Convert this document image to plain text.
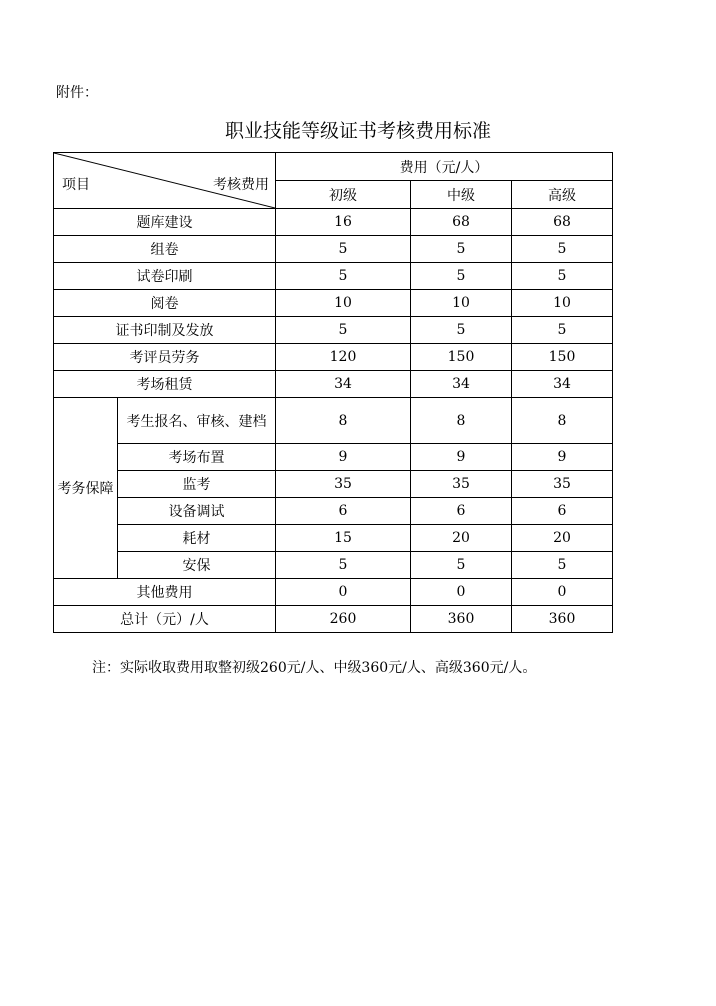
附件：
职业技能等级证书考核费用标准
项目 考核费用		费用（元/人）		
		初级	中级	高级
题库建设		16	68	68
组卷		5	5	5
试卷印刷		5	5	5
阅卷		10	10	10
证书印制及发放		5	5	5
考评员劳务		120	150	150
考场租赁		34	34	34
考务保障	考生报名、审核、建档	8	8	8
	考场布置	9	9	9
	监考	35	35	35
	设备调试	6	6	6
	耗材	15	20	20
	安保	5	5	5
其他费用		0	0	0
总计（元）/人		260	360	360
注：实际收取费用取整初级260元/人、中级360元/人、高级360元/人。
